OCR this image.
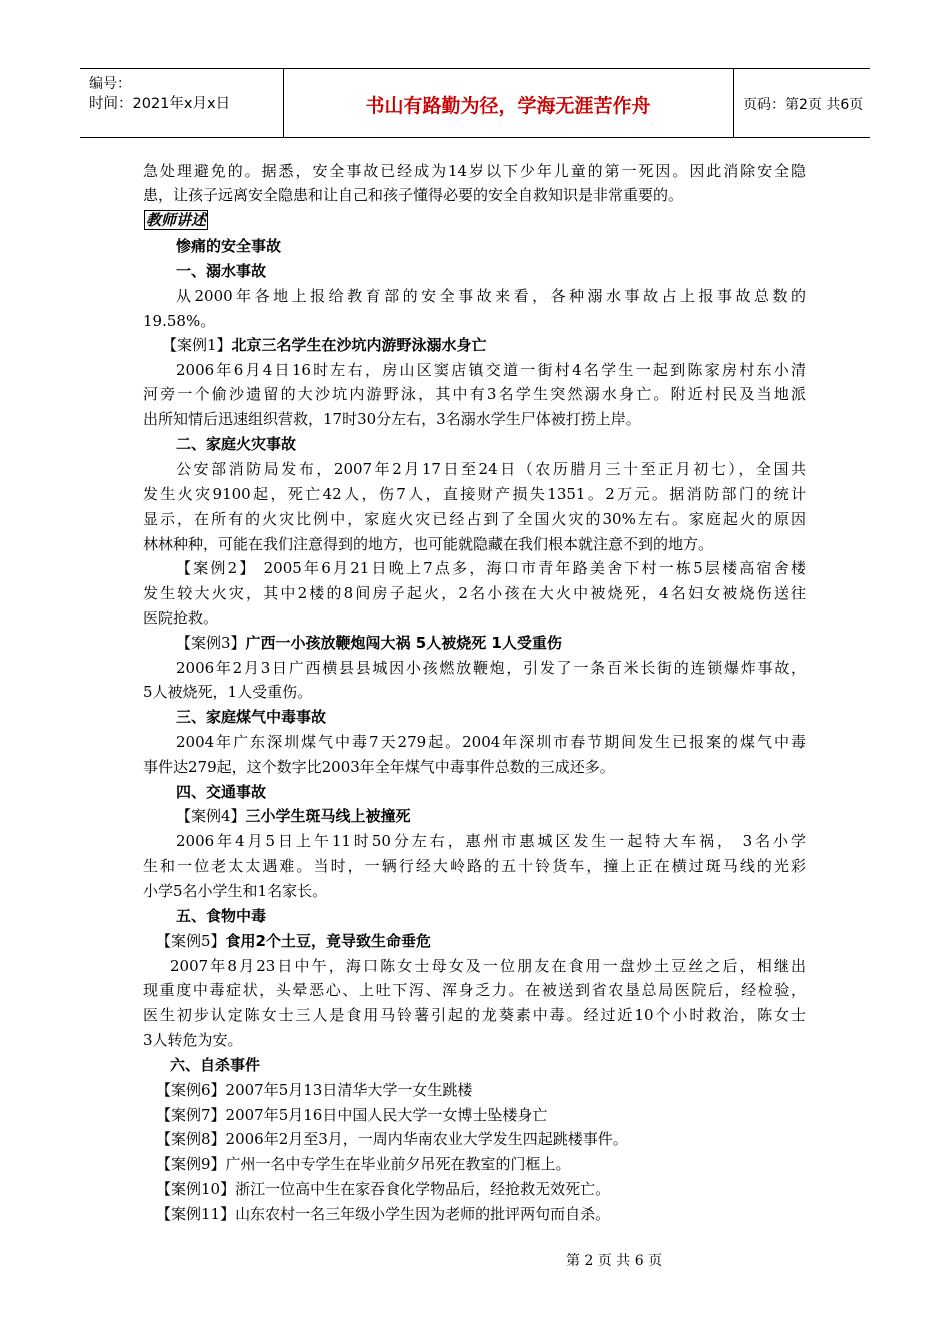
编号：
时间：2021年x月x日	书山有路勤为径，学海无涯苦作舟	页码：第2页 共6页
急处理避免的。据悉，安全事故已经成为14岁以下少年儿童的第一死因。因此消除安全隐
患，让孩子远离安全隐患和让自己和孩子懂得必要的安全自救知识是非常重要的。
教师讲述
惨痛的安全事故
一、溺水事故
从2000年各地上报给教育部的安全事故来看，各种溺水事故占上报事故总数的
19.58%。
【案例1】北京三名学生在沙坑内游野泳溺水身亡
2006年6月4日16时左右，房山区窦店镇交道一街村4名学生一起到陈家房村东小清
河旁一个偷沙遗留的大沙坑内游野泳，其中有3名学生突然溺水身亡。附近村民及当地派
出所知情后迅速组织营救，17时30分左右，3名溺水学生尸体被打捞上岸。
二、家庭火灾事故
公安部消防局发布，2007年2月17日至24日（农历腊月三十至正月初七），全国共
发生火灾9100起，死亡42人，伤7人，直接财产损失1351。2万元。据消防部门的统计
显示，在所有的火灾比例中，家庭火灾已经占到了全国火灾的30%左右。家庭起火的原因
林林种种，可能在我们注意得到的地方，也可能就隐藏在我们根本就注意不到的地方。
【案例2】 2005年6月21日晚上7点多，海口市青年路美舍下村一栋5层楼高宿舍楼
发生较大火灾，其中2楼的8间房子起火，2名小孩在大火中被烧死，4名妇女被烧伤送往
医院抢救。
【案例3】广西一小孩放鞭炮闯大祸 5人被烧死 1人受重伤
2006年2月3日广西横县县城因小孩燃放鞭炮，引发了一条百米长街的连锁爆炸事故，
5人被烧死，1人受重伤。
三、家庭煤气中毒事故
2004年广东深圳煤气中毒7天279起。2004年深圳市春节期间发生已报案的煤气中毒
事件达279起，这个数字比2003年全年煤气中毒事件总数的三成还多。
四、交通事故
【案例4】三小学生斑马线上被撞死
2006年4月5日上午11时50分左右，惠州市惠城区发生一起特大车祸， 3名小学
生和一位老太太遇难。当时，一辆行经大岭路的五十铃货车，撞上正在横过斑马线的光彩
小学5名小学生和1名家长。
五、食物中毒
【案例5】食用2个土豆，竟导致生命垂危
2007年8月23日中午，海口陈女士母女及一位朋友在食用一盘炒土豆丝之后，相继出
现重度中毒症状，头晕恶心、上吐下泻、浑身乏力。在被送到省农垦总局医院后，经检验，
医生初步认定陈女士三人是食用马铃薯引起的龙葵素中毒。经过近10个小时救治，陈女士
3人转危为安。
六、自杀事件
【案例6】2007年5月13日清华大学一女生跳楼
【案例7】2007年5月16日中国人民大学一女博士坠楼身亡
【案例8】2006年2月至3月，一周内华南农业大学发生四起跳楼事件。
【案例9】广州一名中专学生在毕业前夕吊死在教室的门框上。
【案例10】浙江一位高中生在家吞食化学物品后，经抢救无效死亡。
【案例11】山东农村一名三年级小学生因为老师的批评两句而自杀。
第 2 页 共 6 页
